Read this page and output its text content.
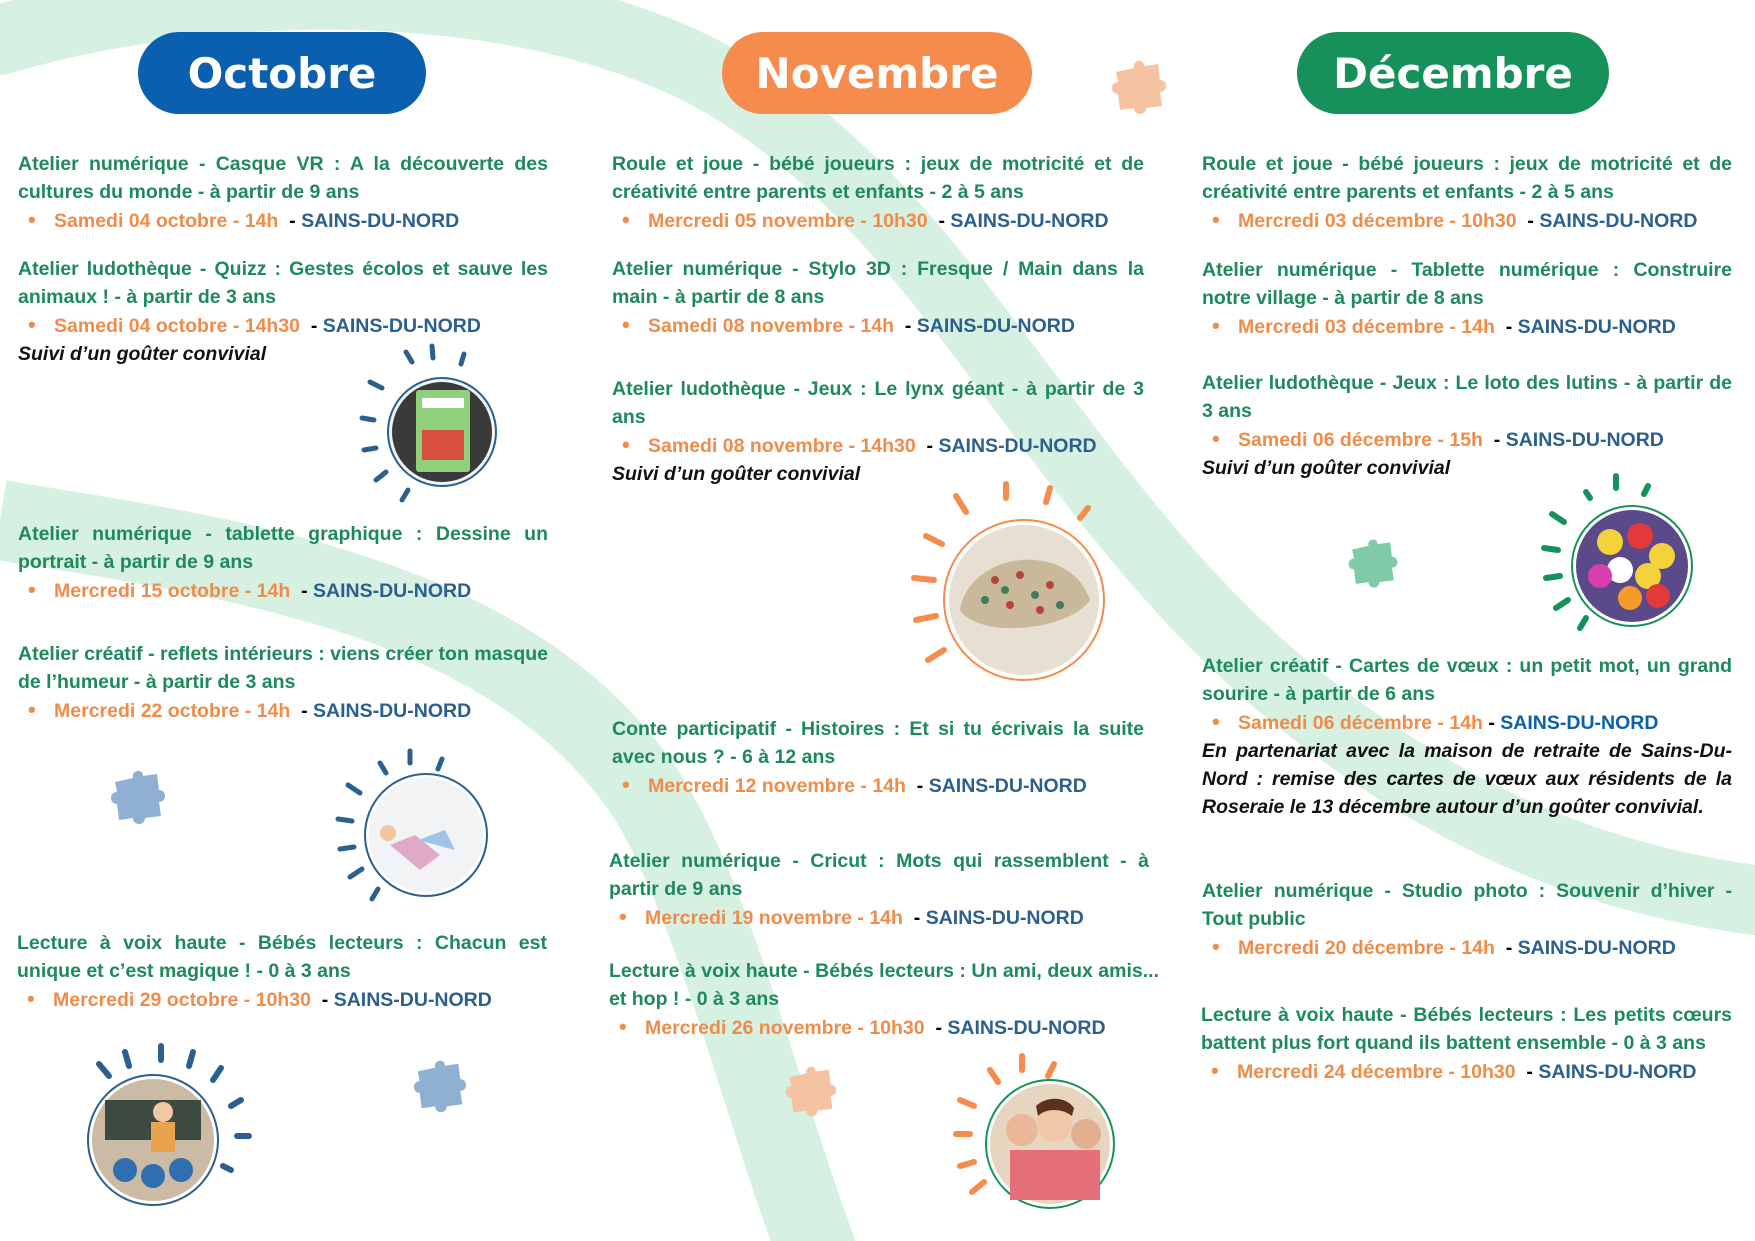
Octobre	Novembre	Décembre
Atelier numérique - Casque VR : A la découverte des cultures du monde - à partir de 9 ans
• Samedi 04 octobre - 14h  - SAINS-DU-NORD
Atelier ludothèque - Quizz : Gestes écolos et sauve les animaux ! - à partir de 3 ans
• Samedi 04 octobre - 14h30  - SAINS-DU-NORD
Suivi d’un goûter convivial
Atelier numérique - tablette graphique : Dessine un portrait - à partir de 9 ans
• Mercredi 15 octobre - 14h  - SAINS-DU-NORD
Atelier créatif - reflets intérieurs : viens créer ton masque de l’humeur - à partir de 3 ans
• Mercredi 22 octobre - 14h  - SAINS-DU-NORD
Lecture à voix haute - Bébés lecteurs : Chacun est unique et c’est magique ! - 0 à 3 ans
• Mercredi 29 octobre - 10h30  - SAINS-DU-NORD
Roule et joue - bébé joueurs : jeux de motricité et de créativité entre parents et enfants - 2 à 5 ans
• Mercredi 05 novembre - 10h30  - SAINS-DU-NORD
Atelier numérique - Stylo 3D : Fresque / Main dans la main - à partir de 8 ans
• Samedi 08 novembre - 14h  - SAINS-DU-NORD
Atelier ludothèque - Jeux : Le lynx géant - à partir de 3 ans
• Samedi 08 novembre - 14h30  - SAINS-DU-NORD
Suivi d’un goûter convivial
Conte participatif - Histoires : Et si tu écrivais la suite avec nous ? - 6 à 12 ans
• Mercredi 12 novembre - 14h  - SAINS-DU-NORD
Atelier numérique - Cricut : Mots qui rassemblent - à partir de 9 ans
• Mercredi 19 novembre - 14h  - SAINS-DU-NORD
Lecture à voix haute - Bébés lecteurs : Un ami, deux amis... et hop ! - 0 à 3 ans
• Mercredi 26 novembre - 10h30  - SAINS-DU-NORD
Roule et joue - bébé joueurs : jeux de motricité et de créativité entre parents et enfants - 2 à 5 ans
• Mercredi 03 décembre - 10h30  - SAINS-DU-NORD
Atelier numérique - Tablette numérique : Construire notre village - à partir de 8 ans
• Mercredi 03 décembre - 14h  - SAINS-DU-NORD
Atelier ludothèque - Jeux : Le loto des lutins - à partir de 3 ans
• Samedi 06 décembre - 15h  - SAINS-DU-NORD
Suivi d’un goûter convivial
Atelier créatif - Cartes de vœux : un petit mot, un grand sourire - à partir de 6 ans
• Samedi 06 décembre - 14h - SAINS-DU-NORD
En partenariat avec la maison de retraite de Sains-Du-Nord : remise des cartes de vœux aux résidents de la Roseraie le 13 décembre autour d’un goûter convivial.
Atelier numérique - Studio photo : Souvenir d’hiver - Tout public
• Mercredi 20 décembre - 14h  - SAINS-DU-NORD
Lecture à voix haute - Bébés lecteurs : Les petits cœurs battent plus fort quand ils battent ensemble - 0 à 3 ans
• Mercredi 24 décembre - 10h30  - SAINS-DU-NORD
